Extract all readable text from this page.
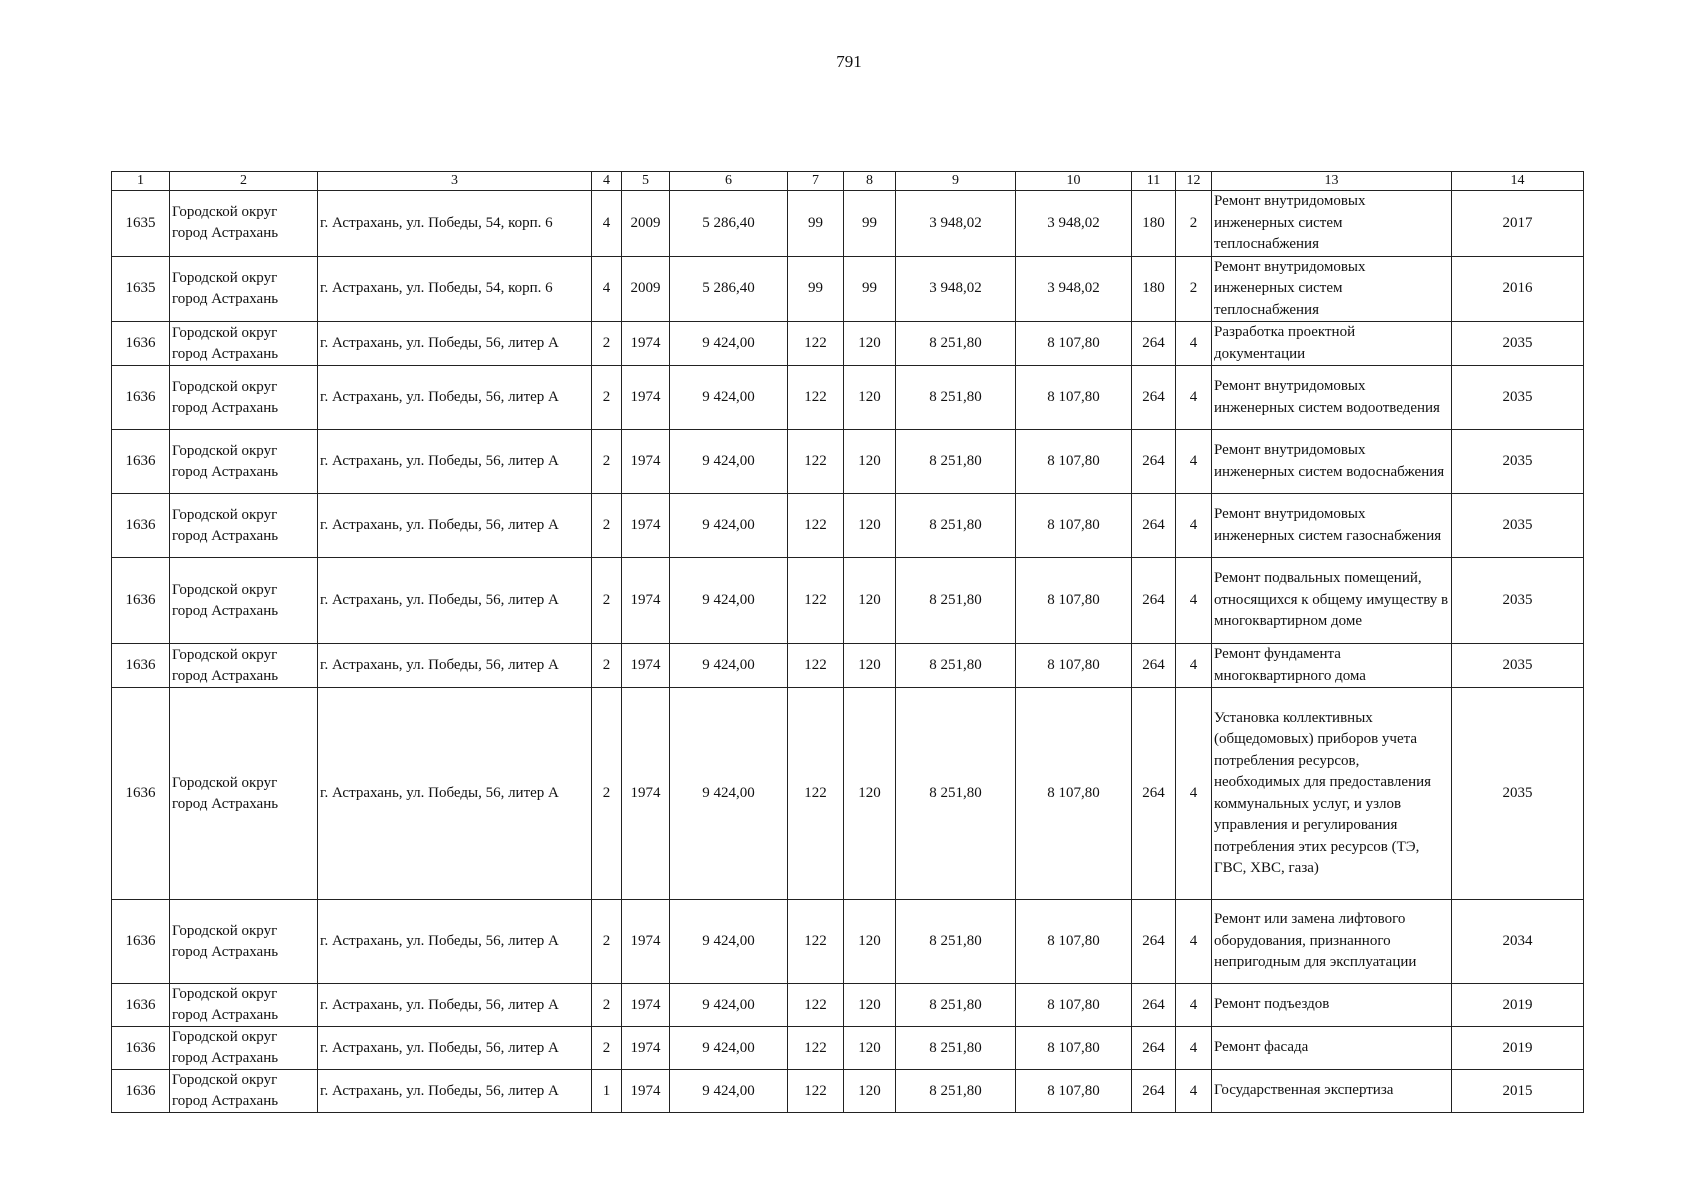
791
1	2	3	4	5	6	7	8	9	10	11	12	13	14
1635	Городской округ город Астрахань	г. Астрахань, ул. Победы, 54, корп. 6	4	2009	5 286,40	99	99	3 948,02	3 948,02	180	2	Ремонт внутридомовых инженерных систем теплоснабжения	2017
1635	Городской округ город Астрахань	г. Астрахань, ул. Победы, 54, корп. 6	4	2009	5 286,40	99	99	3 948,02	3 948,02	180	2	Ремонт внутридомовых инженерных систем теплоснабжения	2016
1636	Городской округ город Астрахань	г. Астрахань, ул. Победы, 56, литер А	2	1974	9 424,00	122	120	8 251,80	8 107,80	264	4	Разработка проектной документации	2035
1636	Городской округ город Астрахань	г. Астрахань, ул. Победы, 56, литер А	2	1974	9 424,00	122	120	8 251,80	8 107,80	264	4	Ремонт внутридомовых инженерных систем водоотведения	2035
1636	Городской округ город Астрахань	г. Астрахань, ул. Победы, 56, литер А	2	1974	9 424,00	122	120	8 251,80	8 107,80	264	4	Ремонт внутридомовых инженерных систем водоснабжения	2035
1636	Городской округ город Астрахань	г. Астрахань, ул. Победы, 56, литер А	2	1974	9 424,00	122	120	8 251,80	8 107,80	264	4	Ремонт внутридомовых инженерных систем газоснабжения	2035
1636	Городской округ город Астрахань	г. Астрахань, ул. Победы, 56, литер А	2	1974	9 424,00	122	120	8 251,80	8 107,80	264	4	Ремонт подвальных помещений, относящихся к общему имуществу в многоквартирном доме	2035
1636	Городской округ город Астрахань	г. Астрахань, ул. Победы, 56, литер А	2	1974	9 424,00	122	120	8 251,80	8 107,80	264	4	Ремонт фундамента многоквартирного дома	2035
1636	Городской округ город Астрахань	г. Астрахань, ул. Победы, 56, литер А	2	1974	9 424,00	122	120	8 251,80	8 107,80	264	4	Установка коллективных (общедомовых) приборов учета потребления ресурсов, необходимых для предоставления коммунальных услуг, и узлов управления и регулирования потребления этих ресурсов (ТЭ, ГВС, ХВС, газа)	2035
1636	Городской округ город Астрахань	г. Астрахань, ул. Победы, 56, литер А	2	1974	9 424,00	122	120	8 251,80	8 107,80	264	4	Ремонт или замена лифтового оборудования, признанного непригодным для эксплуатации	2034
1636	Городской округ город Астрахань	г. Астрахань, ул. Победы, 56, литер А	2	1974	9 424,00	122	120	8 251,80	8 107,80	264	4	Ремонт подъездов	2019
1636	Городской округ город Астрахань	г. Астрахань, ул. Победы, 56, литер А	2	1974	9 424,00	122	120	8 251,80	8 107,80	264	4	Ремонт фасада	2019
1636	Городской округ город Астрахань	г. Астрахань, ул. Победы, 56, литер А	1	1974	9 424,00	122	120	8 251,80	8 107,80	264	4	Государственная экспертиза	2015
